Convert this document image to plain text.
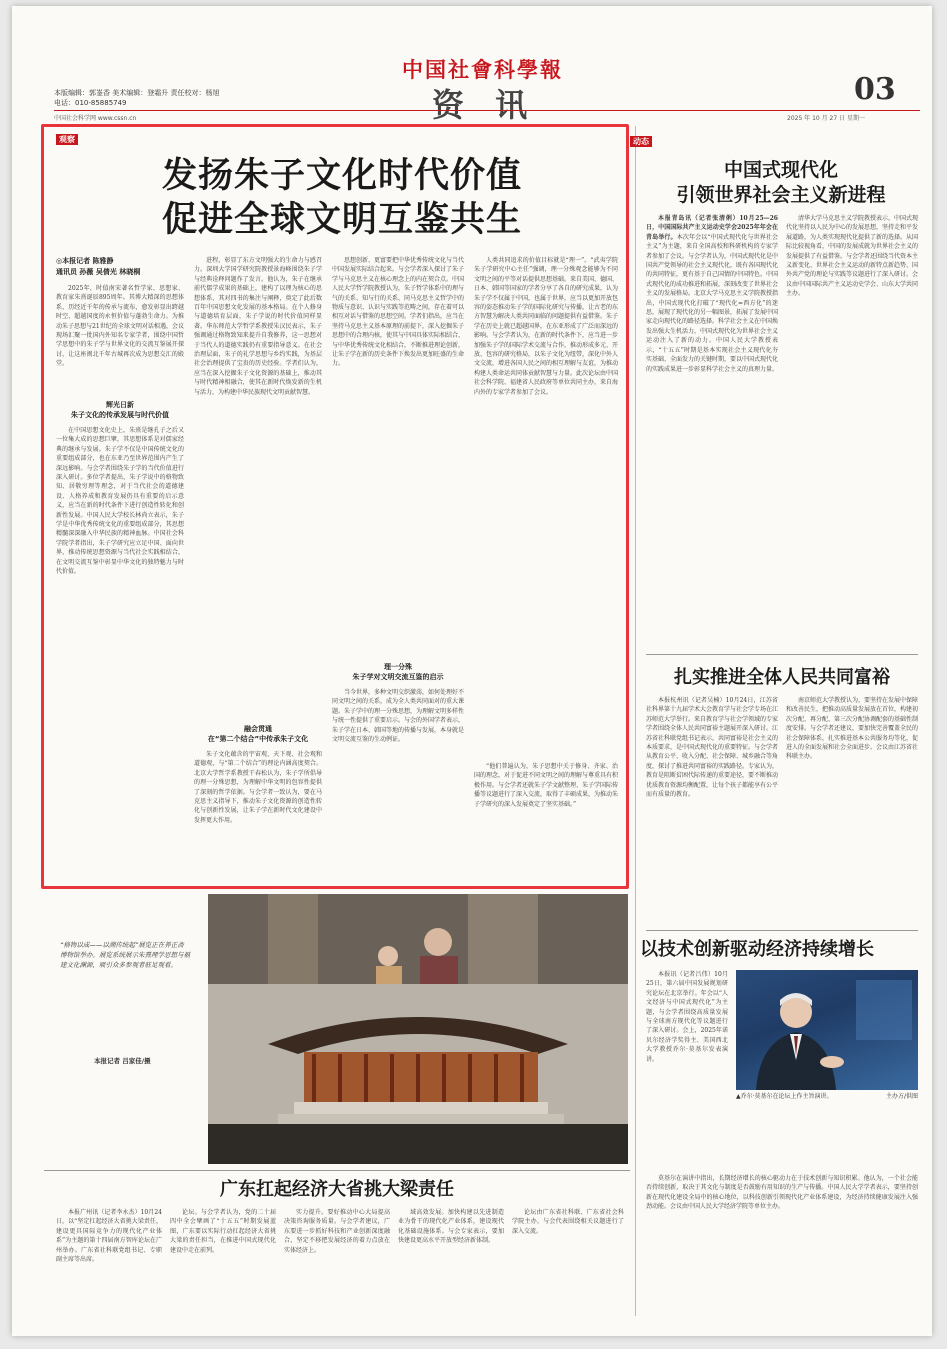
本版编辑：郭崟香 美术编辑：登霜升 责任校对：杨旭
电话：010-85885749
中国社會科學報
资 讯	03
中国社会科学网 www.cssn.cn	2025 年 10 月 27 日 星期一
观察
发扬朱子文化时代价值
促进全球文明互鉴共生
◎本报记者 陈雅静
通讯员 孙薇 吴倩光 林晓桐
2025年，时值南宋著名哲学家、思想家、教育家朱熹诞辰895周年。其博大精深的思想体系，历经近千年的传承与流布，愈发彰显出跨越时空、超越国度的永恒价值与蓬勃生命力。为推动朱子思想与21世纪的全球文明对话相遇，会议现场汇聚一批国内外知名专家学者，围绕中国哲学思想中的朱子学与世界文化的交流互鉴展开探讨，让这座闽北千年古城再次成为思想交汇的殿堂。
辉光日新
朱子文化的传承发展与时代价值
在中国思想文化史上，朱熹是继孔子之后又一位集大成的思想巨擘，其思想体系是对儒家经典的继承与发展。朱子学不仅是中国传统文化的重要组成部分，也在东亚乃至世界范围内产生了深远影响。与会学者围绕朱子学的当代价值进行深入研讨。多位学者提出，朱子学说中的格物致知、居敬穷理等理念，对于当代社会的道德建设、人格养成和教育发展仍具有重要的启示意义，应当在新的时代条件下进行创造性转化和创新性发展。中国人民大学校长林尚立表示，朱子学是中华优秀传统文化的重要组成部分，其思想精髓深深融入中华民族的精神血脉。中国社会科学院学者指出，朱子学研究应立足中国、面向世界，推动传统思想资源与当代社会实践相结合，在文明交流互鉴中彰显中华文化的独特魅力与时代价值。
进程，彰显了东方文明强大的生命力与感召力。深圳大学国学研究院教授景海峰围绕朱子学与经典诠释问题作了发言。他认为，朱子在继承前代儒学成果的基础上，建构了以理为核心的思想体系，其对四书的集注与阐释，奠定了此后数百年中国思想文化发展的基本格局。在个人修身与道德培育层面，朱子学说的时代价值同样显著。华东师范大学哲学系教授朱汉民表示，朱子强调通过格物致知来提升自我修养，这一思想对于当代人的道德实践仍有重要指导意义。在社会治理层面，朱子的礼学思想与乡约实践，为基层社会治理提供了宝贵的历史经验。学者们认为，应当在深入挖掘朱子文化资源的基础上，推动其与时代精神相融合，使其在新时代焕发新的生机与活力，为构建中华民族现代文明贡献智慧。
融会贯通
在“第二个结合”中传承朱子文化
朱子文化蕴含的宇宙观、天下观、社会观和道德观，与“第二个结合”的理论内涵高度契合。北京大学哲学系教授干春松认为，朱子学所倡导的理一分殊思想，为理解中华文明的包容性提供了深刻的哲学依据。与会学者一致认为，要在马克思主义指导下，推动朱子文化资源的创造性转化与创新性发展，让朱子学在新时代文化建设中发挥更大作用。
思想创新、更富要把中华优秀传统文化与当代中国发展实际结合起来。与会学者深入探讨了朱子学与马克思主义在核心理念上的内在契合点。中国人民大学哲学院教授认为，朱子哲学体系中的理与气的关系、知与行的关系，同马克思主义哲学中的物质与意识、认识与实践等范畴之间，存在着可以相互对话与借鉴的思想空间。学者们指出，应当在坚持马克思主义基本原理的前提下，深入挖掘朱子思想中的合理内核，使其与中国具体实际相结合、与中华优秀传统文化相结合，不断推进理论创新，让朱子学在新的历史条件下焕发出更加旺盛的生命力。
理一分殊
朱子学对文明交流互鉴的启示
当今世界，多种文明交织激荡，如何处理好不同文明之间的关系，成为全人类共同面对的重大课题。朱子学中的理一分殊思想，为理解文明多样性与统一性提供了重要启示。与会的外国学者表示，朱子学在日本、韩国等地的传播与发展，本身就是文明交流互鉴的生动例证。
人类共同追求的价值目标就是“理一”。“武夷学院朱子学研究中心主任”强调，理一分殊观念能够为不同文明之间的平等对话提供思想基础。来自美国、德国、日本、韩国等国家的学者分享了各自的研究成果，认为朱子学不仅属于中国，也属于世界，应当以更加开放包容的姿态推动朱子学的国际化研究与传播，让古老的东方智慧为解决人类共同面临的问题提供有益借鉴。朱子学在历史上就已超越国界，在东亚形成了广泛而深远的影响。与会学者认为，在新的时代条件下，应当进一步加强朱子学的国际学术交流与合作，推动形成多元、开放、包容的研究格局，以朱子文化为纽带，深化中外人文交流，增进各国人民之间的相互理解与友谊，为推动构建人类命运共同体贡献智慧与力量。此次论坛由中国社会科学院、福建省人民政府等单位共同主办，来自海内外的专家学者参加了会议。
“他们普遍认为，朱子思想中关于修身、齐家、治国的理念，对于促进不同文明之间的理解与尊重具有积极作用。与会学者还就朱子学文献整理、朱子学国际传播等议题进行了深入交流，取得了丰硕成果，为推动朱子学研究的深入发展奠定了坚实基础。”
动态
中国式现代化
引领世界社会主义新进程
本报青岛讯（记者张清俐）10月25—26日，中国国际共产主义运动史学会2025年年会在青岛举行。本次年会以“中国式现代化与世界社会主义”为主题，来自全国高校和科研机构的专家学者参加了会议。与会学者认为，中国式现代化是中国共产党领导的社会主义现代化，既有各国现代化的共同特征，更有基于自己国情的中国特色。中国式现代化的成功推进和拓展，深刻改变了世界社会主义的发展格局。北京大学马克思主义学院教授指出，中国式现代化打破了“现代化=西方化”的迷思，展现了现代化的另一幅图景，拓展了发展中国家走向现代化的路径选择。科学社会主义在中国焕发出强大生机活力，中国式现代化为世界社会主义运动注入了新的动力。中国人民大学教授表示，“十五五”时期是基本实现社会主义现代化夯实基础、全面发力的关键时期，要以中国式现代化的实践成果进一步彰显科学社会主义的真理力量。
清华大学马克思主义学院教授表示，中国式现代化坚持以人民为中心的发展思想，坚持走和平发展道路，为人类实现现代化提供了新的选择。从国际比较视角看，中国的发展成就为世界社会主义的发展提供了有益借鉴。与会学者还围绕当代资本主义新变化、世界社会主义运动的新特点新趋势、国外共产党的理论与实践等议题进行了深入研讨。会议由中国国际共产主义运动史学会、山东大学共同主办。
扎实推进全体人民共同富裕
本报杭州讯（记者吴楠）10月24日，江苏省社科界第十九届学术大会教育学与社会学专场在江苏师范大学举行。来自教育学与社会学领域的专家学者围绕全体人民共同富裕主题展开深入研讨。江苏省社科联党组书记表示，共同富裕是社会主义的本质要求，是中国式现代化的重要特征。与会学者从教育公平、收入分配、社会保障、城乡融合等角度，探讨了推进共同富裕的实践路径。专家认为，教育是阻断贫困代际传递的重要途径，要不断推动优质教育资源均衡配置，让每个孩子都能享有公平而有质量的教育。
南京师范大学教授认为，要坚持在发展中保障和改善民生，把推动高质量发展放在首位，构建初次分配、再分配、第三次分配协调配套的基础性制度安排。与会学者还建议，要加快完善覆盖全民的社会保障体系，扎实推进基本公共服务均等化，促进人的全面发展和社会全面进步。会议由江苏省社科联主办。
以技术创新驱动经济持续增长
本报讯（记者吕伟）10月25日，第六届中国发展规划研究论坛在北京举行。年会以“人文经济与中国式现代化”为主题，与会学者围绕高质量发展与全球南方现代化等议题进行了深入研讨。会上，2025年诺贝尔经济学奖得主、美国西北大学教授乔尔·莫基尔发表演讲。
▲乔尔·莫基尔在论坛上作主旨演讲。	主办方/供图
莫基尔在演讲中指出，长期经济增长的核心驱动力在于技术创新与知识积累。他认为，一个社会能否持续创新，取决于其文化与制度是否鼓励有用知识的生产与传播。中国人民大学学者表示，要坚持创新在现代化建设全局中的核心地位，以科技创新引领现代化产业体系建设，为经济持续健康发展注入强劲动能。会议由中国人民大学经济学院等单位主办。
“格物以成——以溯传统起”展览正在养正斋博物馆举办。展览系统展示朱熹理学思想与福建文化渊源，吸引众多参观者驻足观看。
本报记者 吕家佳/摄
广东扛起经济大省挑大梁责任
本报广州讯（记者李永杰）10月24日，以“坚定扛起经济大省挑大梁责任，建设更具国际竞争力的现代化产业体系”为主题的第十四届南方智库论坛在广州举办。广东省社科联党组书记、专职副主席等出席。
论坛。与会学者认为，党的二十届四中全会擘画了“十五五”时期发展蓝图，广东要以实际行动扛起经济大省挑大梁的责任担当，在推进中国式现代化建设中走在前列。
实力提升。要好推动中心大局提高决策咨询服务质量。与会学者建议，广东要进一步抓好科技和产业创新深度融合，坚定不移把发展经济的着力点放在实体经济上。
域高效发展。加快构建以先进制造业为骨干的现代化产业体系，建设现代化基础设施体系。与会专家表示，要加快建设更高水平开放型经济新体制。
论坛由广东省社科联、广东省社会科学院主办，与会代表围绕相关议题进行了深入交流。
